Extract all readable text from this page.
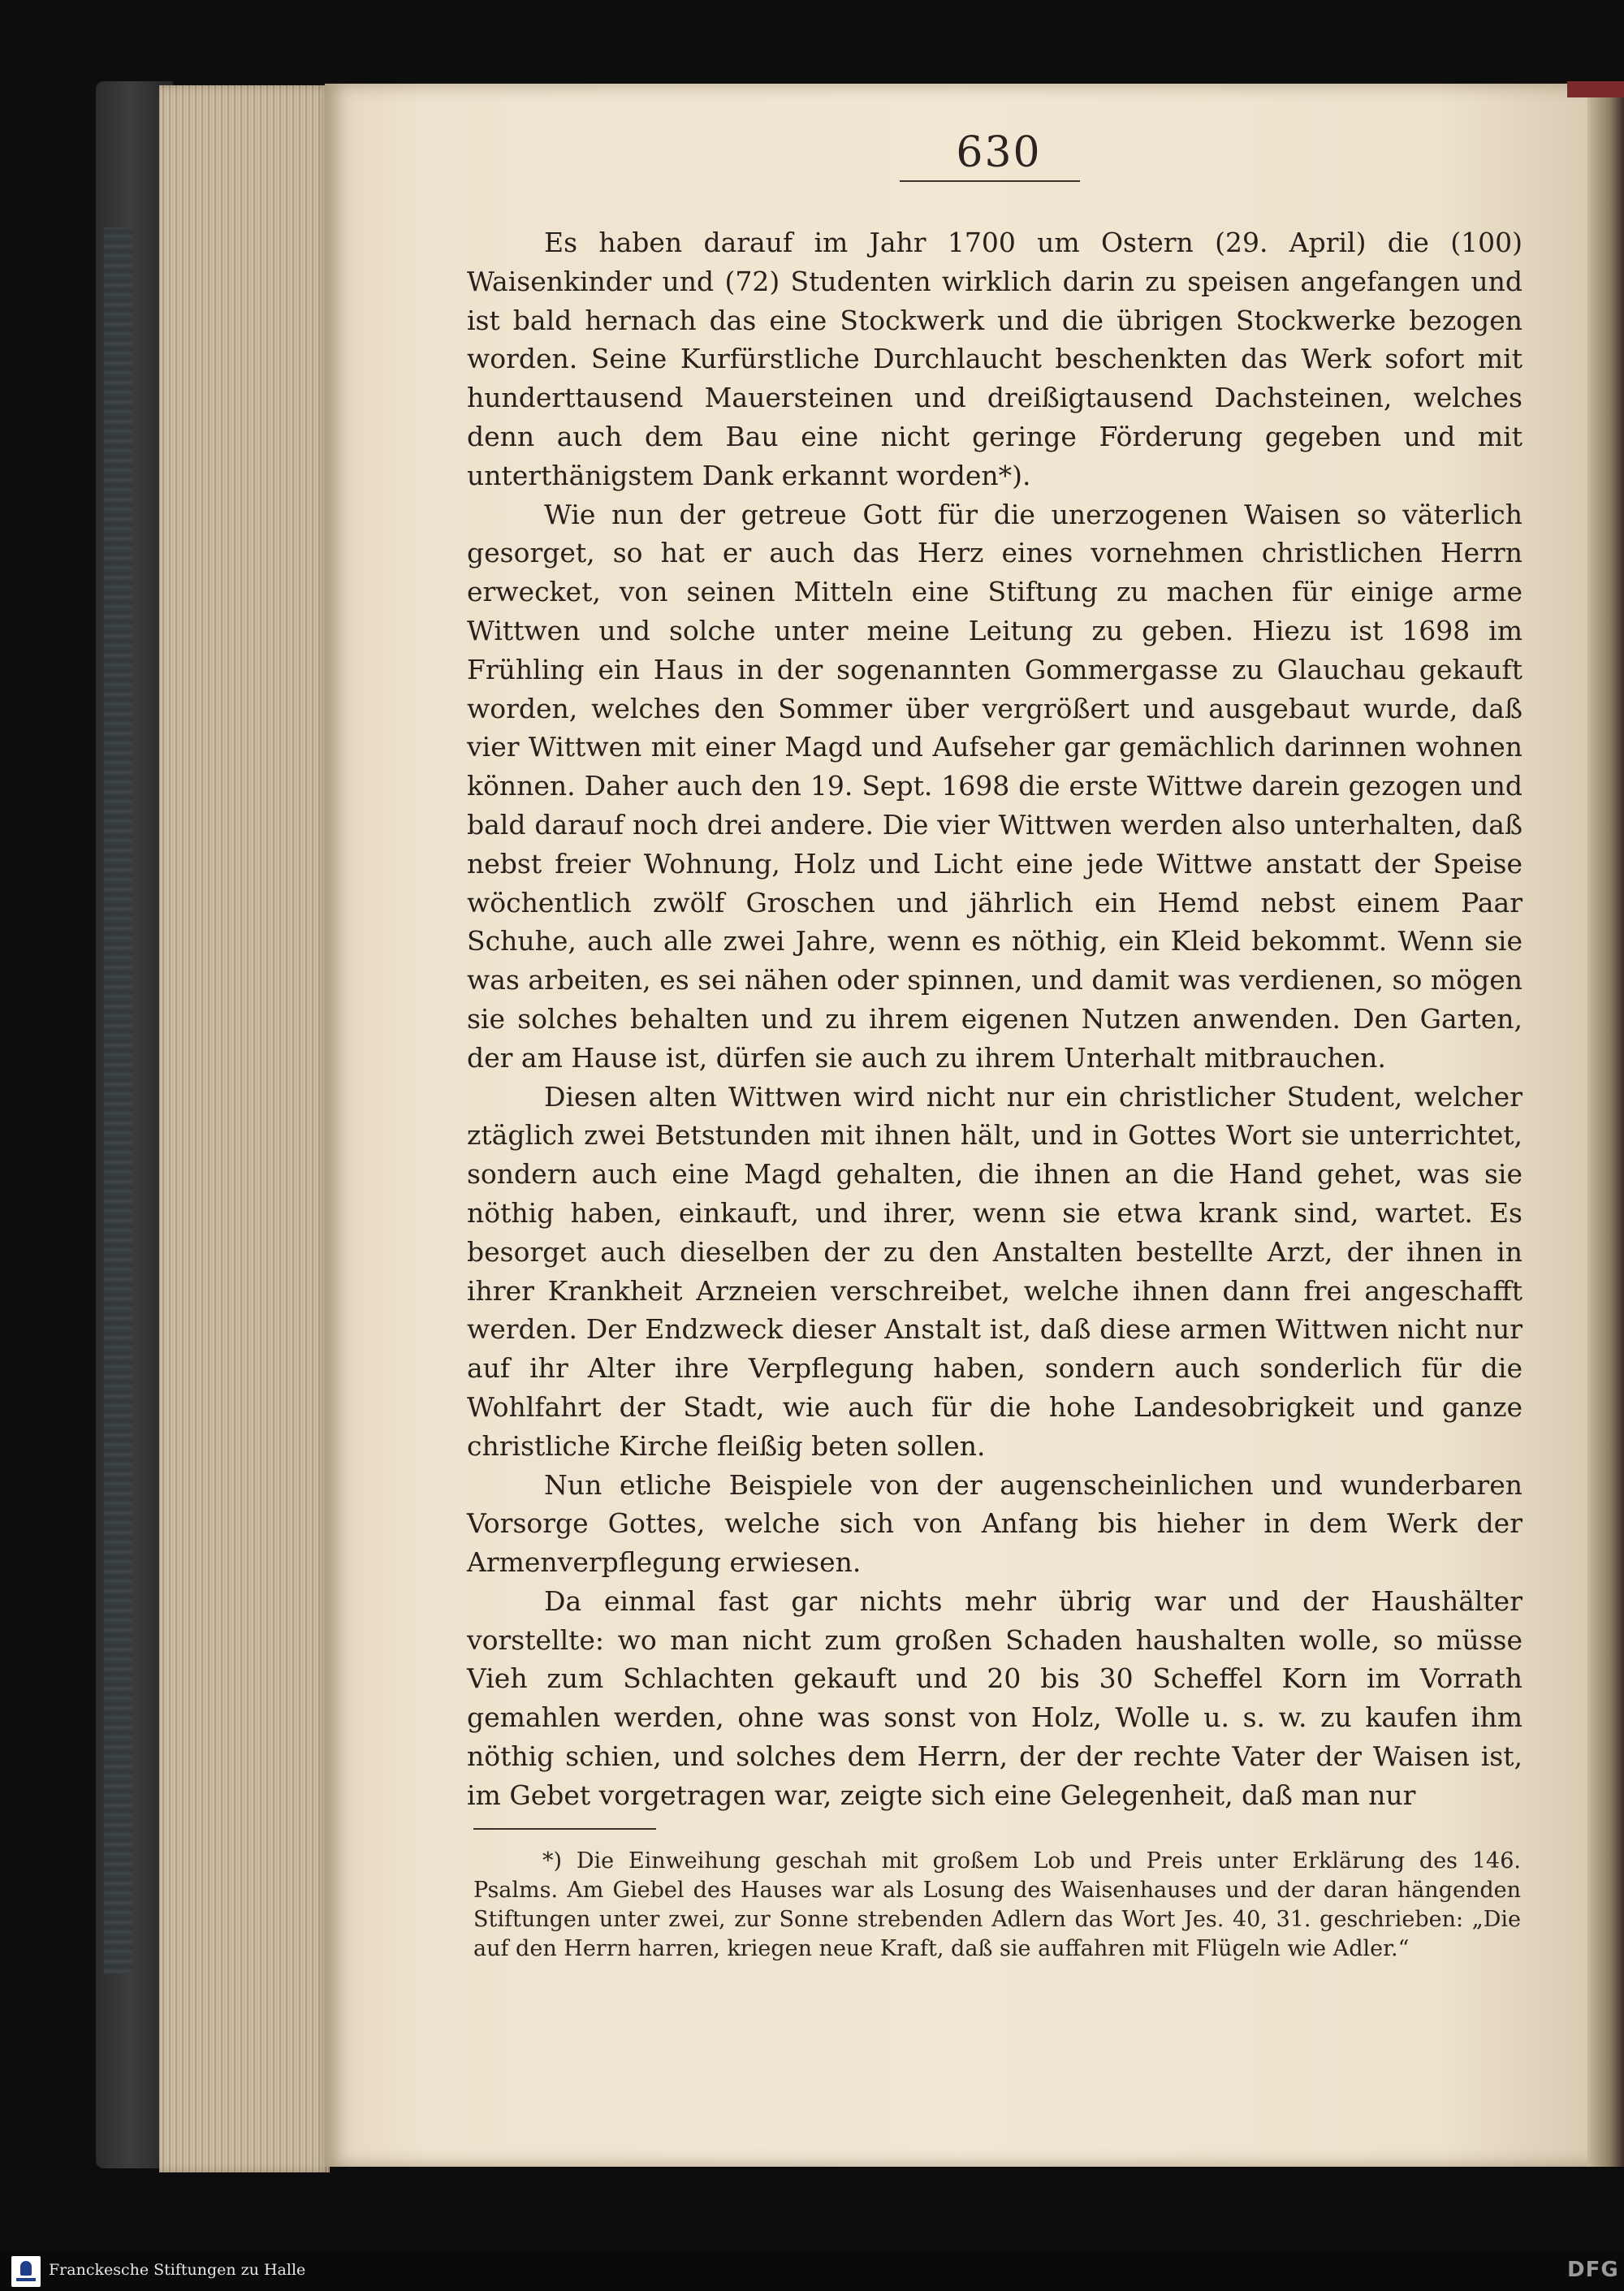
630

Es haben darauf im Jahr 1700 um Ostern (29. April) die (100) Waisenkinder und (72) Studenten wirklich darin zu speisen angefangen und ist bald hernach das eine Stockwerk und die übrigen Stockwerke bezogen worden. Seine Kurfürstliche Durchlaucht beschenkten das Werk sofort mit hunderttausend Mauersteinen und dreißigtausend Dachsteinen, welches denn auch dem Bau eine nicht geringe Förderung gegeben und mit unterthänigstem Dank erkannt worden*).

Wie nun der getreue Gott für die unerzogenen Waisen so väterlich gesorget, so hat er auch das Herz eines vornehmen christlichen Herrn erwecket, von seinen Mitteln eine Stiftung zu machen für einige arme Wittwen und solche unter meine Leitung zu geben. Hiezu ist 1698 im Frühling ein Haus in der sogenannten Gommergasse zu Glauchau gekauft worden, welches den Sommer über vergrößert und ausgebaut wurde, daß vier Wittwen mit einer Magd und Aufseher gar gemächlich darinnen wohnen können. Daher auch den 19. Sept. 1698 die erste Wittwe darein gezogen und bald darauf noch drei andere. Die vier Wittwen werden also unterhalten, daß nebst freier Wohnung, Holz und Licht eine jede Wittwe anstatt der Speise wöchentlich zwölf Groschen und jährlich ein Hemd nebst einem Paar Schuhe, auch alle zwei Jahre, wenn es nöthig, ein Kleid bekommt. Wenn sie was arbeiten, es sei nähen oder spinnen, und damit was verdienen, so mögen sie solches behalten und zu ihrem eigenen Nutzen anwenden. Den Garten, der am Hause ist, dürfen sie auch zu ihrem Unterhalt mitbrauchen.

Diesen alten Wittwen wird nicht nur ein christlicher Student, welcher ztäglich zwei Betstunden mit ihnen hält, und in Gottes Wort sie unterrichtet, sondern auch eine Magd gehalten, die ihnen an die Hand gehet, was sie nöthig haben, einkauft, und ihrer, wenn sie etwa krank sind, wartet. Es besorget auch dieselben der zu den Anstalten bestellte Arzt, der ihnen in ihrer Krankheit Arzneien verschreibet, welche ihnen dann frei angeschafft werden. Der Endzweck dieser Anstalt ist, daß diese armen Wittwen nicht nur auf ihr Alter ihre Verpflegung haben, sondern auch sonderlich für die Wohlfahrt der Stadt, wie auch für die hohe Landesobrigkeit und ganze christliche Kirche fleißig beten sollen.

Nun etliche Beispiele von der augenscheinlichen und wunderbaren Vorsorge Gottes, welche sich von Anfang bis hieher in dem Werk der Armenverpflegung erwiesen.

Da einmal fast gar nichts mehr übrig war und der Haushälter vorstellte: wo man nicht zum großen Schaden haushalten wolle, so müsse Vieh zum Schlachten gekauft und 20 bis 30 Scheffel Korn im Vorrath gemahlen werden, ohne was sonst von Holz, Wolle u. s. w. zu kaufen ihm nöthig schien, und solches dem Herrn, der der rechte Vater der Waisen ist, im Gebet vorgetragen war, zeigte sich eine Gelegenheit, daß man nur

*) Die Einweihung geschah mit großem Lob und Preis unter Erklärung des 146. Psalms. Am Giebel des Hauses war als Losung des Waisenhauses und der daran hängenden Stiftungen unter zwei, zur Sonne strebenden Adlern das Wort Jes. 40, 31. geschrieben: „Die auf den Herrn harren, kriegen neue Kraft, daß sie auffahren mit Flügeln wie Adler.“

Franckesche Stiftungen zu Halle	DFG
